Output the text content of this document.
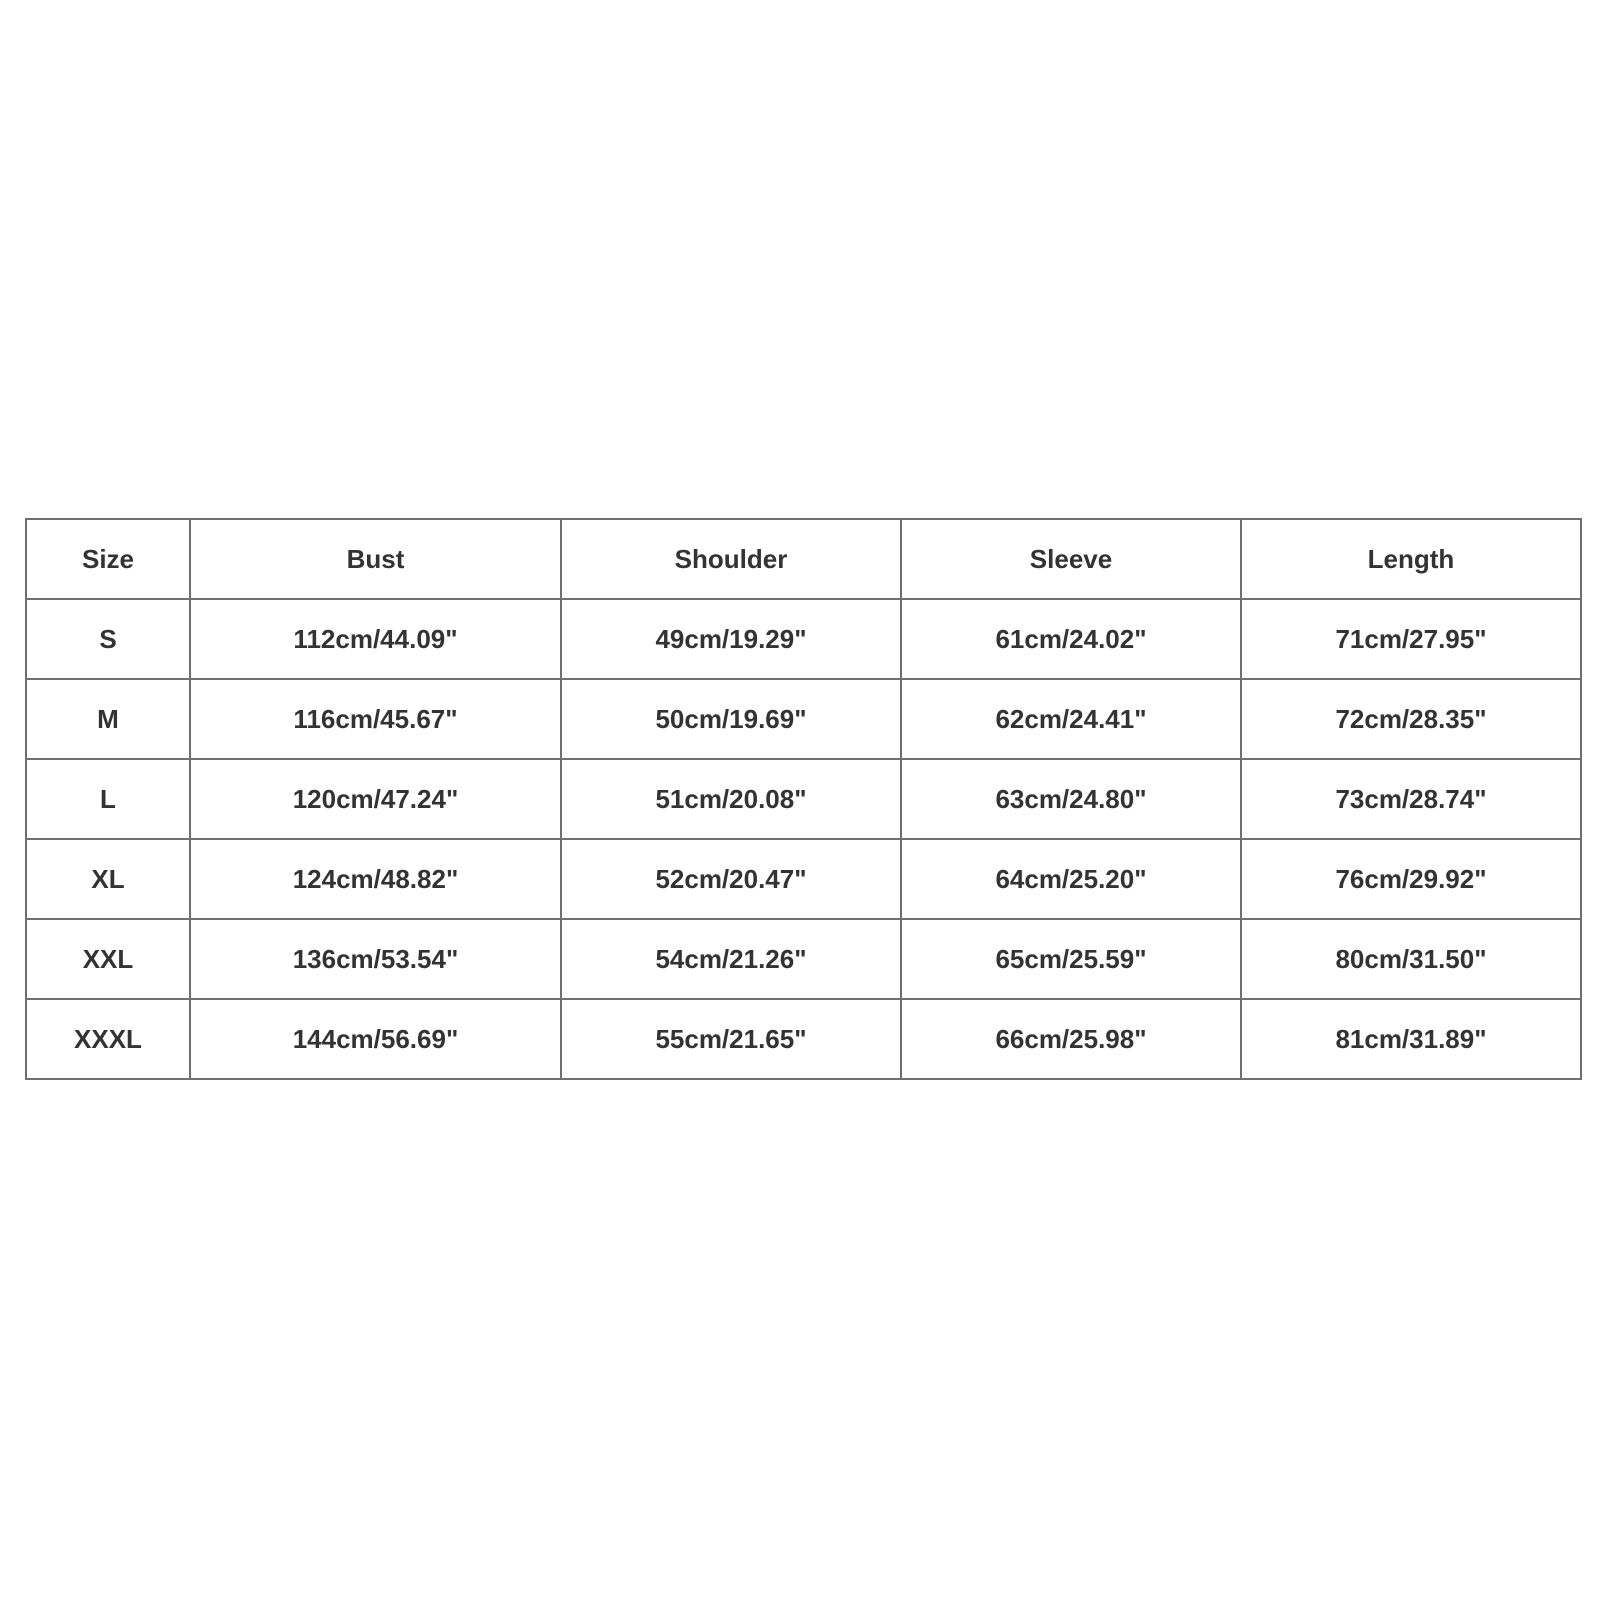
Size	Bust	Shoulder	Sleeve	Length
S	112cm/44.09"	49cm/19.29"	61cm/24.02"	71cm/27.95"
M	116cm/45.67"	50cm/19.69"	62cm/24.41"	72cm/28.35"
L	120cm/47.24"	51cm/20.08"	63cm/24.80"	73cm/28.74"
XL	124cm/48.82"	52cm/20.47"	64cm/25.20"	76cm/29.92"
XXL	136cm/53.54"	54cm/21.26"	65cm/25.59"	80cm/31.50"
XXXL	144cm/56.69"	55cm/21.65"	66cm/25.98"	81cm/31.89"
